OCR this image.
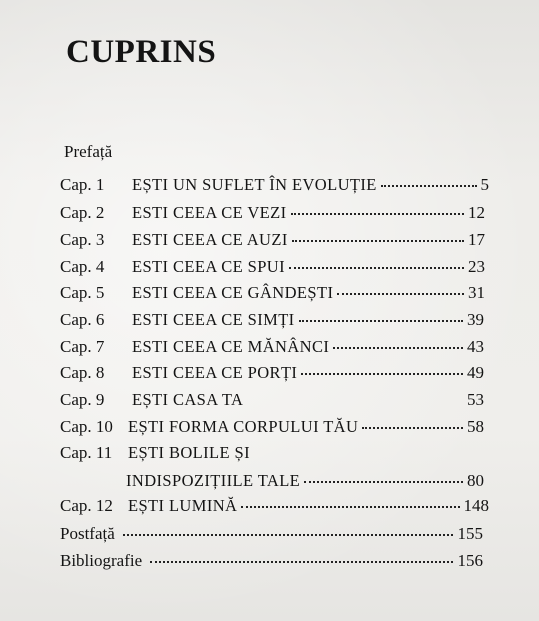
CUPRINS
Prefață
Cap. 1	EȘTI UN SUFLET ÎN EVOLUȚIE	5
Cap. 2	ESTI CEEA CE VEZI	12
Cap. 3	ESTI CEEA CE AUZI	17
Cap. 4	ESTI CEEA CE SPUI	23
Cap. 5	ESTI CEEA CE GÂNDEȘTI	31
Cap. 6	ESTI CEEA CE SIMȚI	39
Cap. 7	ESTI CEEA CE MĂNÂNCI	43
Cap. 8	ESTI CEEA CE PORȚI	49
Cap. 9	EȘTI CASA TA	53
Cap. 10 EȘTI FORMA CORPULUI TĂU	58
Cap. 11 EȘTI BOLILE ȘI
INDISPOZIȚIILE TALE	80
Cap. 12 EȘTI LUMINĂ	148
Postfață	155
Bibliografie	156
